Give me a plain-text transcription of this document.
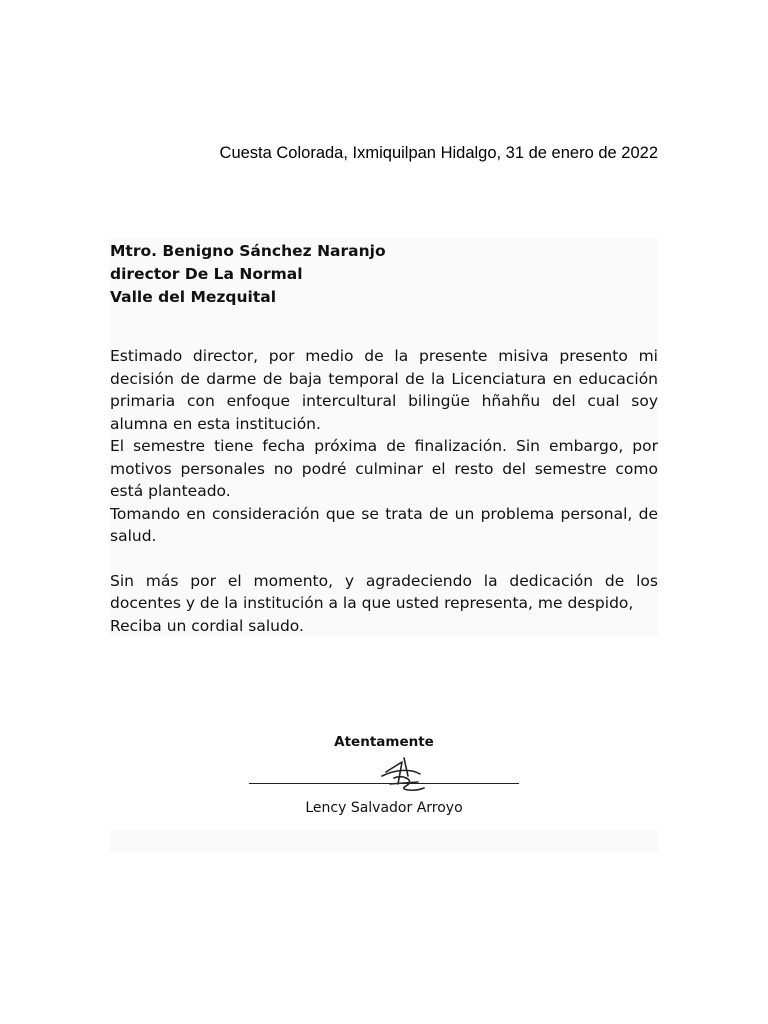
Cuesta Colorada, Ixmiquilpan Hidalgo, 31 de enero de 2022
Mtro. Benigno Sánchez Naranjo
director De La Normal
Valle del Mezquital

Estimado director, por medio de la presente misiva presento mi decisión de darme de baja temporal de la Licenciatura en educación primaria con enfoque intercultural bilingüe hñahñu del cual soy alumna en esta institución.

El semestre tiene fecha próxima de finalización. Sin embargo, por motivos personales no podré culminar el resto del semestre como está planteado.

Tomando en consideración que se trata de un problema personal, de salud.

Sin más por el momento, y agradeciendo la dedicación de los docentes y de la institución a la que usted representa, me despido,

Reciba un cordial saludo.

Atentamente
Lency Salvador Arroyo
